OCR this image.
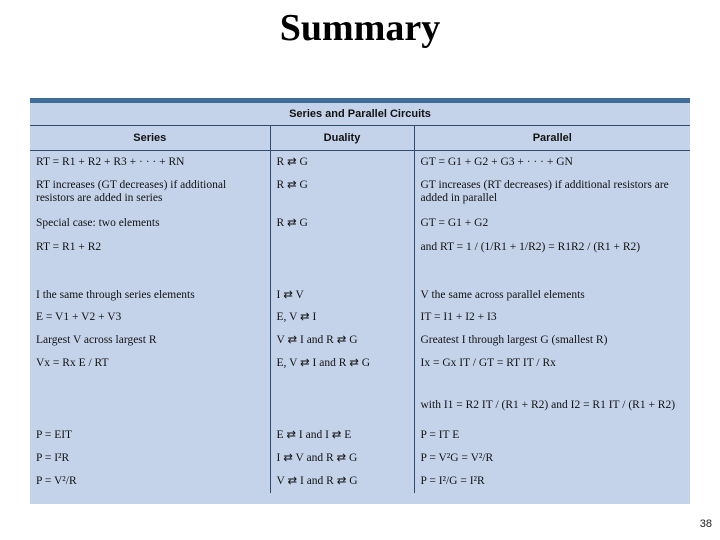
Summary
Series and Parallel Circuits		
Series	Duality	Parallel
RT = R1 + R2 + R3 + · · · + RN	R ⇄ G	GT = G1 + G2 + G3 + · · · + GN
RT increases (GT decreases) if additional resistors are added in series	R ⇄ G	GT increases (RT decreases) if additional resistors are added in parallel
Special case: two elements	R ⇄ G	GT = G1 + G2
RT = R1 + R2		and RT = 1 / (1/R1 + 1/R2) = R1R2 / (R1 + R2)
I the same through series elements	I ⇄ V	V the same across parallel elements
E = V1 + V2 + V3	E, V ⇄ I	IT = I1 + I2 + I3
Largest V across largest R	V ⇄ I and R ⇄ G	Greatest I through largest G (smallest R)
Vx = Rx E / RT	E, V ⇄ I and R ⇄ G	Ix = Gx IT / GT = RT IT / Rx
		with I1 = R2 IT / (R1 + R2) and I2 = R1 IT / (R1 + R2)
P = EIT	E ⇄ I and I ⇄ E	P = IT E
P = I²R	I ⇄ V and R ⇄ G	P = V²G = V²/R
P = V²/R	V ⇄ I and R ⇄ G	P = I²/G = I²R
38
